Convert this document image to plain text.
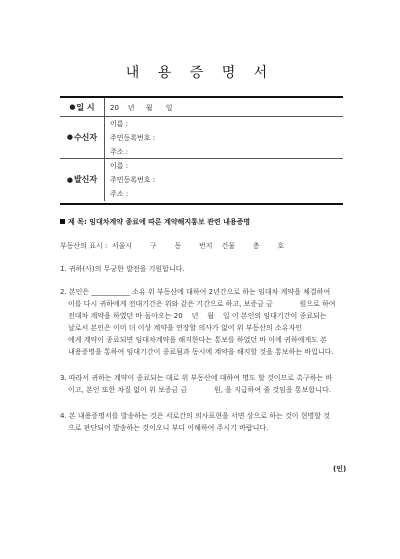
내 용 증 명 서
● 일 시 20    년     월      일
● 수신자
이름 :
주민등록번호 :
주소 :
● 발신자
이름 :
주민등록번호 :
주소 :
제 목: 임대차계약 종료에 따른 계약해지통보 관련 내용증명
부동산의 표시 :  서울시        구        동        번지    건물        층        호
1. 귀하(사)의 무궁한 발전을 기원합니다.
2. 본인은 ___________ 소유 위 부동산에 대하여 2년간으로 하는 임대차 계약을 체결하여
이를 다시 귀하에게 전대기간은 위와 같은 기간으로 하고, 보증금 금            원으로 하여
전대차 계약을 하였던 바 돌아오는 20    년    월    일 이 본인의 임대기간이 종료되는
날로서 본인은 이미 더 이상 계약을 연장할 의사가 없어 위 부동산의 소유자인
에게 계약이 종료되면 임대차계약을 해지한다는 통보를 하였던 바 이에 귀하에게도 본
내용증명을 통하여 임대기간이 종료됨과 동시에 계약을 해지할 것을 통보하는 바입니다.
3. 따라서 귀하는 계약이 종료되는 대로 위 부동산에 대하여 명도 할 것이므로 촉구하는 바
이고, 본인 또한 차질 없이 위 보증금 금            원, 을 지급하여 줄 것임을 통보합니다.
4. 본 내용증명서를 발송하는 것은 서로간의 의사표현을 서면 상으로 하는 것이 현명할 것
으로 판단되어 발송하는 것이오니 부디 이해하여 주시기 바랍니다.
(인)
